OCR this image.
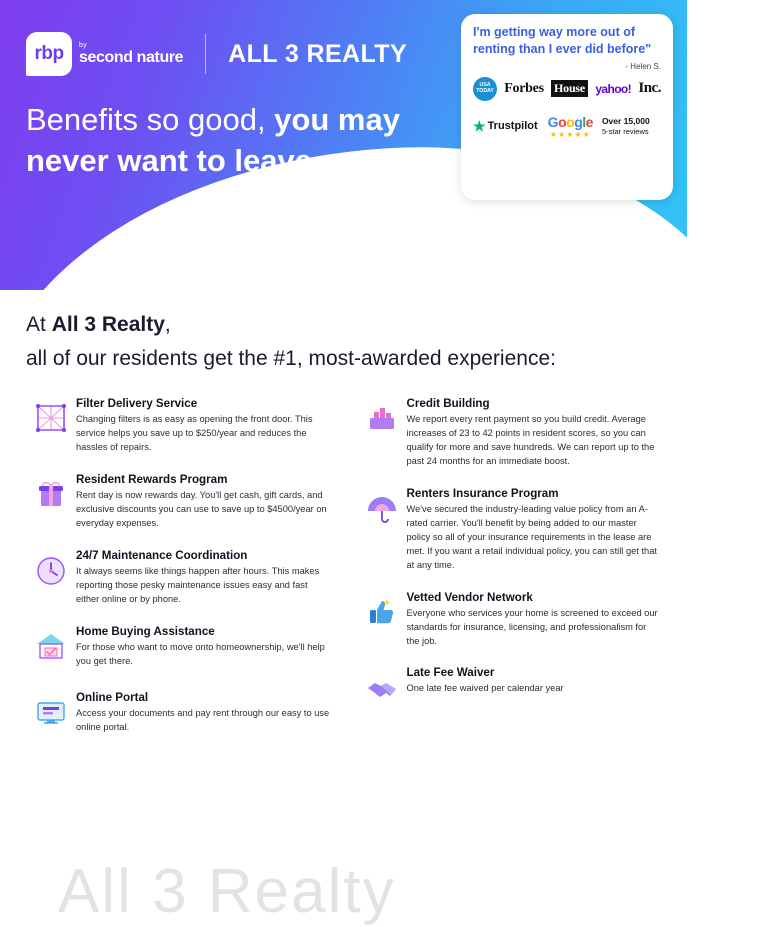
rbp	by
second nature ALL 3 REALTY
Benefits so good, you may
never want to leave.
I'm getting way more out of renting than I ever did before"
- Helen S.
USA
TODAY Forbes House yahoo! Inc.
★ Trustpilot Google
★★★★★
Over 15,000
5-star reviews
At All 3 Realty,
all of our residents get the #1, most-awarded experience:
All 3 Realty
Filter Delivery Service
Changing filters is as easy as opening the front door. This service helps you save up to $250/year and reduces the hassles of repairs.
Resident Rewards Program
Rent day is now rewards day. You'll get cash, gift cards, and exclusive discounts you can use to save up to $4500/year on everyday expenses.
24/7 Maintenance Coordination
It always seems like things happen after hours. This makes reporting those pesky maintenance issues easy and fast either online or by phone.
Home Buying Assistance
For those who want to move onto homeownership, we'll help you get there.
Online Portal
Access your documents and pay rent through our easy to use online portal.
Credit Building
We report every rent payment so you build credit. Average increases of 23 to 42 points in resident scores, so you can qualify for more and save hundreds. We can report up to the past 24 months for an immediate boost.
Renters Insurance Program
We've secured the industry-leading value policy from an A-rated carrier. You'll benefit by being added to our master policy so all of your insurance requirements in the lease are met. If you want a retail individual policy, you can still get that at any time.
Vetted Vendor Network
Everyone who services your home is screened to exceed our standards for insurance, licensing, and professionalism for the job.
Late Fee Waiver
One late fee waived per calendar year
